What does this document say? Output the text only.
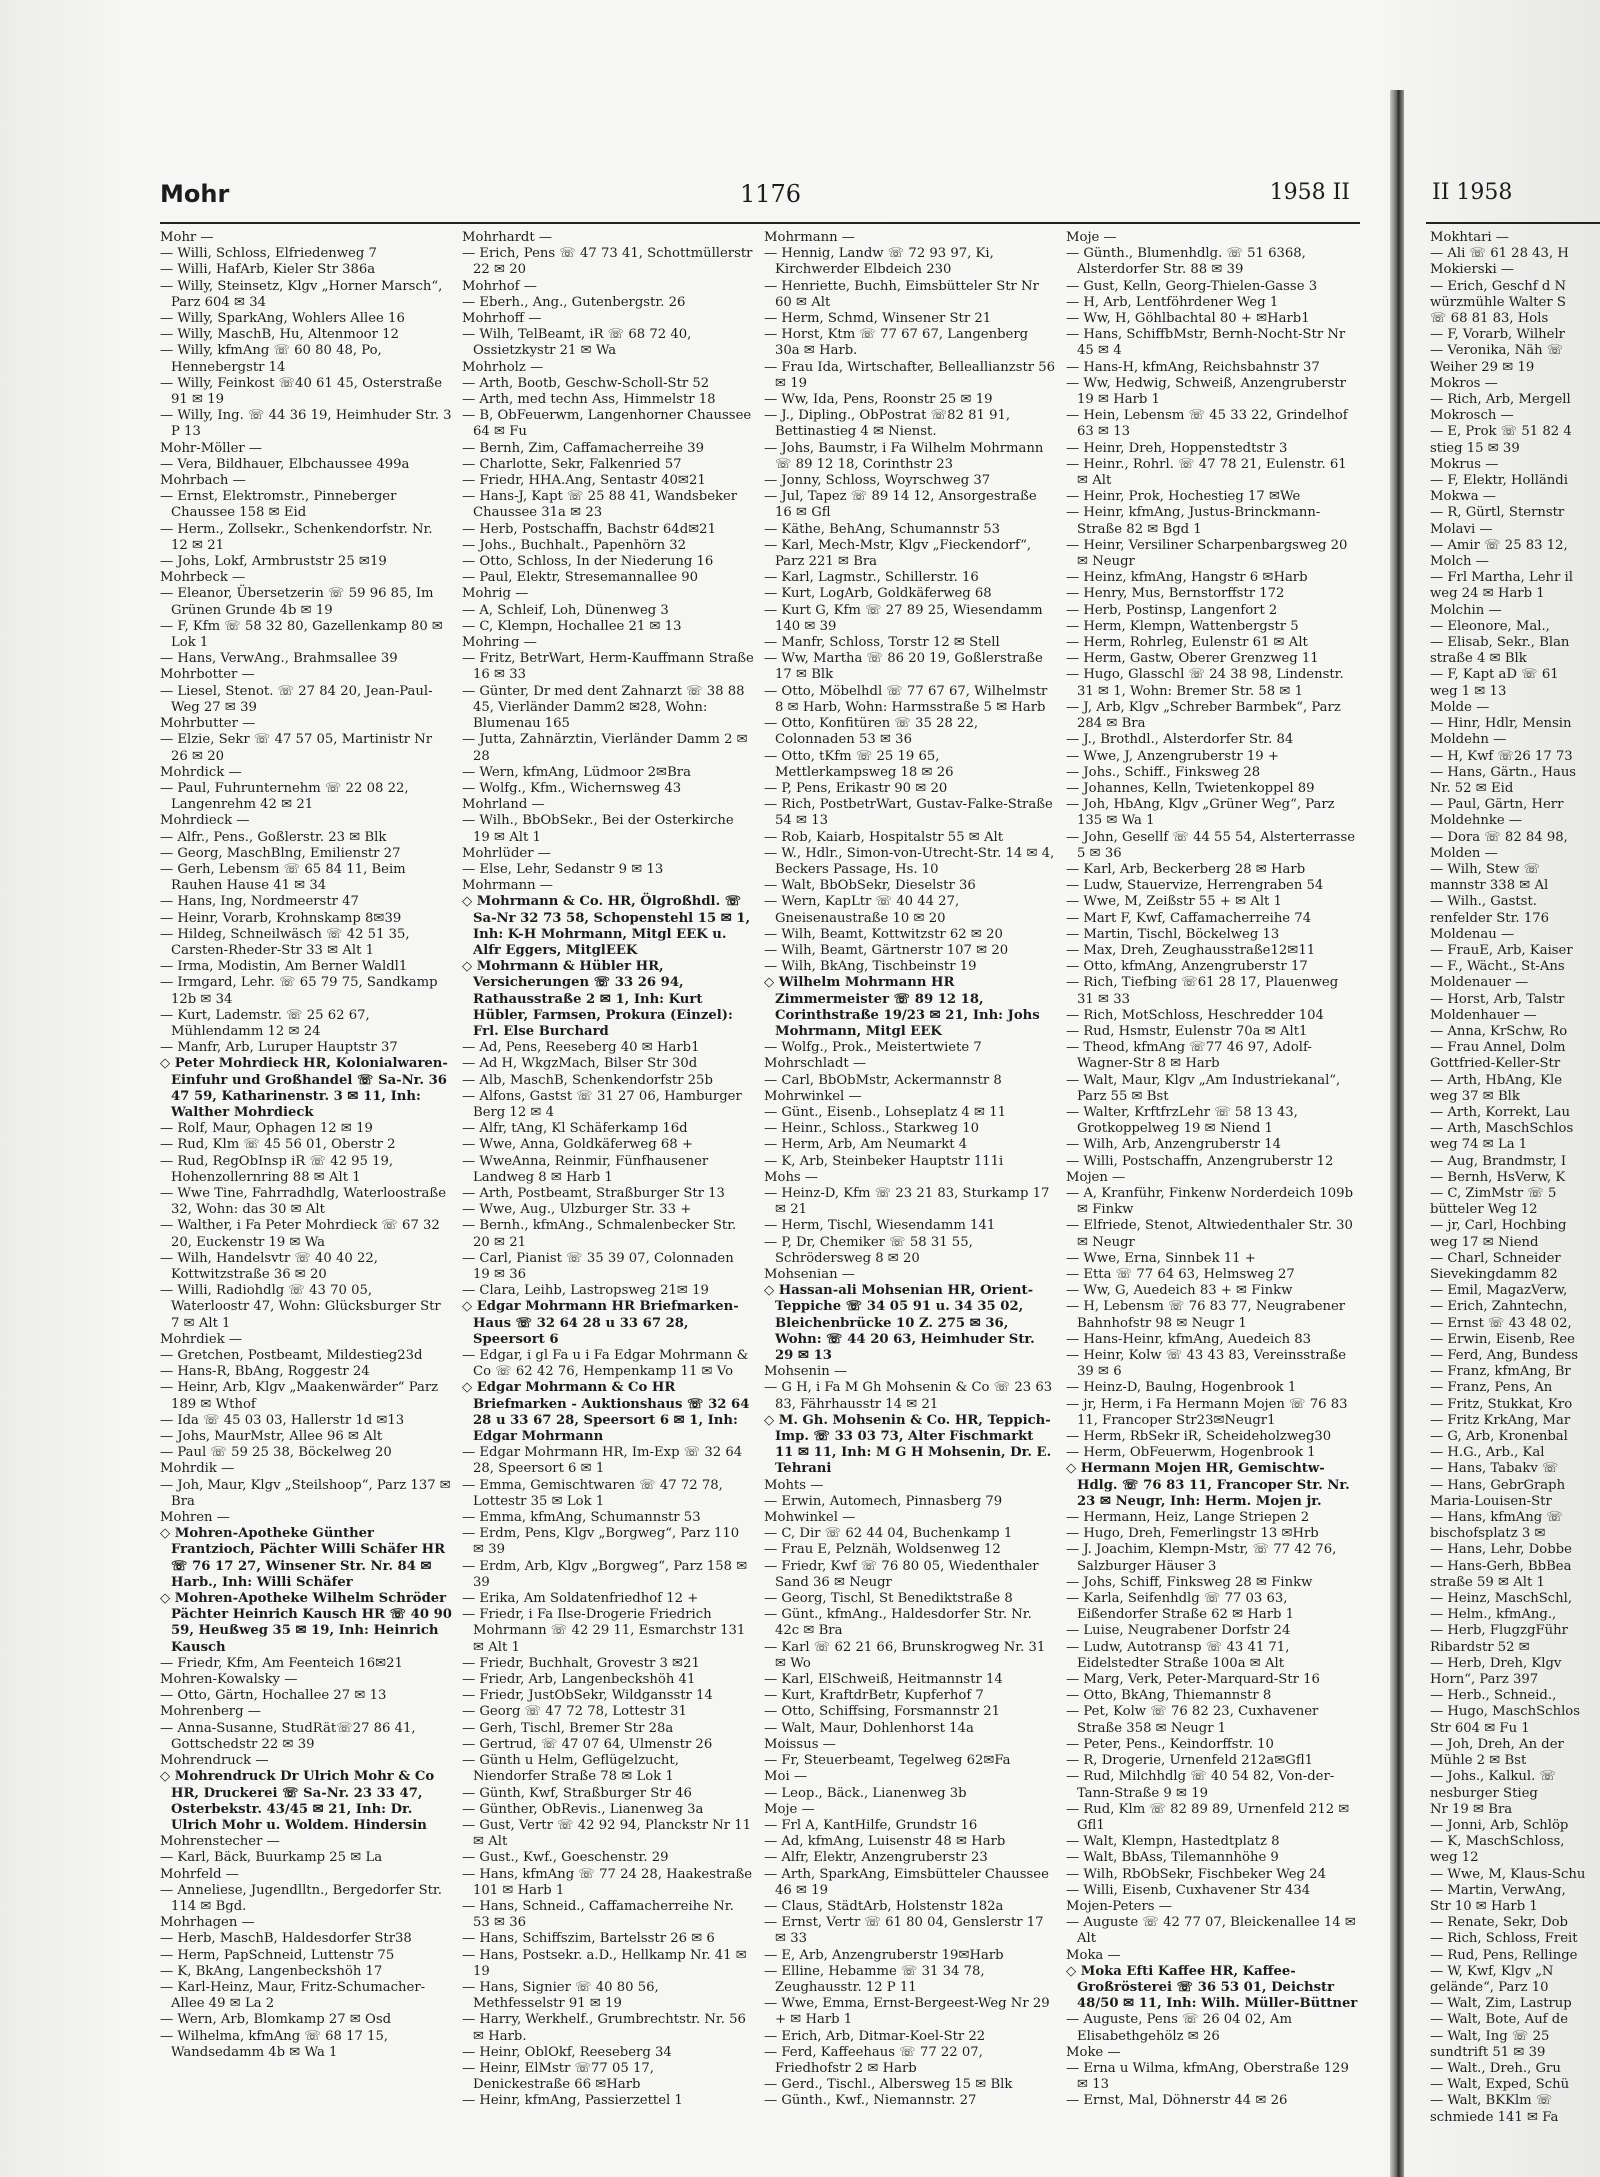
Mohr	1176	1958 II

Mohr —

— Willi, Schloss, Elfriedenweg 7

— Willi, HafArb, Kieler Str 386a

— Willy, Steinsetz, Klgv „Horner Marsch“, Parz 604 ✉ 34

— Willy, SparkAng, Wohlers Allee 16

— Willy, MaschB, Hu, Altenmoor 12

— Willy, kfmAng ☏ 60 80 48, Po, Hennebergstr 14

— Willy, Feinkost ☏40 61 45, Osterstraße 91 ✉ 19

— Willy, Ing. ☏ 44 36 19, Heimhuder Str. 3 P 13

Mohr-Möller —

— Vera, Bildhauer, Elbchaussee 499a

Mohrbach —

— Ernst, Elektromstr., Pinneberger Chaussee 158 ✉ Eid

— Herm., Zollsekr., Schenkendorfstr. Nr. 12 ✉ 21

— Johs, Lokf, Armbruststr 25 ✉19

Mohrbeck —

— Eleanor, Übersetzerin ☏ 59 96 85, Im Grünen Grunde 4b ✉ 19

— F, Kfm ☏ 58 32 80, Gazellenkamp 80 ✉ Lok 1

— Hans, VerwAng., Brahmsallee 39

Mohrbotter —

— Liesel, Stenot. ☏ 27 84 20, Jean-Paul-Weg 27 ✉ 39

Mohrbutter —

— Elzie, Sekr ☏ 47 57 05, Martinistr Nr 26 ✉ 20

Mohrdick —

— Paul, Fuhrunternehm ☏ 22 08 22, Langenrehm 42 ✉ 21

Mohrdieck —

— Alfr., Pens., Goßlerstr. 23 ✉ Blk

— Georg, MaschBlng, Emilienstr 27

— Gerh, Lebensm ☏ 65 84 11, Beim Rauhen Hause 41 ✉ 34

— Hans, Ing, Nordmeerstr 47

— Heinr, Vorarb, Krohnskamp 8✉39

— Hildeg, Schneilwäsch ☏ 42 51 35, Carsten-Rheder-Str 33 ✉ Alt 1

— Irma, Modistin, Am Berner Waldl1

— Irmgard, Lehr. ☏ 65 79 75, Sandkamp 12b ✉ 34

— Kurt, Lademstr. ☏ 25 62 67, Mühlendamm 12 ✉ 24

— Manfr, Arb, Luruper Hauptstr 37

◇ Peter Mohrdieck HR, Kolonialwaren-Einfuhr und Großhandel ☏ Sa-Nr. 36 47 59, Katharinenstr. 3 ✉ 11, Inh: Walther Mohrdieck

— Rolf, Maur, Ophagen 12 ✉ 19

— Rud, Klm ☏ 45 56 01, Oberstr 2

— Rud, RegObInsp iR ☏ 42 95 19, Hohenzollernring 88 ✉ Alt 1

— Wwe Tine, Fahrradhdlg, Waterloostraße 32, Wohn: das 30 ✉ Alt

— Walther, i Fa Peter Mohrdieck ☏ 67 32 20, Euckenstr 19 ✉ Wa

— Wilh, Handelsvtr ☏ 40 40 22, Kottwitzstraße 36 ✉ 20

— Willi, Radiohdlg ☏ 43 70 05, Waterloostr 47, Wohn: Glücksburger Str 7 ✉ Alt 1

Mohrdiek —

— Gretchen, Postbeamt, Mildestieg23d

— Hans-R, BbAng, Roggestr 24

— Heinr, Arb, Klgv „Maakenwärder“ Parz 189 ✉ Wthof

— Ida ☏ 45 03 03, Hallerstr 1d ✉13

— Johs, MaurMstr, Allee 96 ✉ Alt

— Paul ☏ 59 25 38, Böckelweg 20

Mohrdik —

— Joh, Maur, Klgv „Steilshoop“, Parz 137 ✉ Bra

Mohren —

◇ Mohren-Apotheke Günther Frantzioch, Pächter Willi Schäfer HR ☏ 76 17 27, Winsener Str. Nr. 84 ✉ Harb., Inh: Willi Schäfer

◇ Mohren-Apotheke Wilhelm Schröder Pächter Heinrich Kausch HR ☏ 40 90 59, Heußweg 35 ✉ 19, Inh: Heinrich Kausch

— Friedr, Kfm, Am Feenteich 16✉21

Mohren-Kowalsky —

— Otto, Gärtn, Hochallee 27 ✉ 13

Mohrenberg —

— Anna-Susanne, StudRät☏27 86 41, Gottschedstr 22 ✉ 39

Mohrendruck —

◇ Mohrendruck Dr Ulrich Mohr & Co HR, Druckerei ☏ Sa-Nr. 23 33 47, Osterbekstr. 43/45 ✉ 21, Inh: Dr. Ulrich Mohr u. Woldem. Hindersin

Mohrenstecher —

— Karl, Bäck, Buurkamp 25 ✉ La

Mohrfeld —

— Anneliese, Jugendlltn., Bergedorfer Str. 114 ✉ Bgd.

Mohrhagen —

— Herb, MaschB, Haldesdorfer Str38

— Herm, PapSchneid, Luttenstr 75

— K, BkAng, Langenbeckshöh 17

— Karl-Heinz, Maur, Fritz-Schumacher-Allee 49 ✉ La 2

— Wern, Arb, Blomkamp 27 ✉ Osd

— Wilhelma, kfmAng ☏ 68 17 15, Wandsedamm 4b ✉ Wa 1

Mohrhardt —

— Erich, Pens ☏ 47 73 41, Schottmüllerstr 22 ✉ 20

Mohrhof —

— Eberh., Ang., Gutenbergstr. 26

Mohrhoff —

— Wilh, TelBeamt, iR ☏ 68 72 40, Ossietzkystr 21 ✉ Wa

Mohrholz —

— Arth, Bootb, Geschw-Scholl-Str 52

— Arth, med techn Ass, Himmelstr 18

— B, ObFeuerwm, Langenhorner Chaussee 64 ✉ Fu

— Bernh, Zim, Caffamacherreihe 39

— Charlotte, Sekr, Falkenried 57

— Friedr, HHA.Ang, Sentastr 40✉21

— Hans-J, Kapt ☏ 25 88 41, Wandsbeker Chaussee 31a ✉ 23

— Herb, Postschaffn, Bachstr 64d✉21

— Johs., Buchhalt., Papenhörn 32

— Otto, Schloss, In der Niederung 16

— Paul, Elektr, Stresemannallee 90

Mohrig —

— A, Schleif, Loh, Dünenweg 3

— C, Klempn, Hochallee 21 ✉ 13

Mohring —

— Fritz, BetrWart, Herm-Kauffmann Straße 16 ✉ 33

— Günter, Dr med dent Zahnarzt ☏ 38 88 45, Vierländer Damm2 ✉28, Wohn: Blumenau 165

— Jutta, Zahnärztin, Vierländer Damm 2 ✉ 28

— Wern, kfmAng, Lüdmoor 2✉Bra

— Wolfg., Kfm., Wichernsweg 43

Mohrland —

— Wilh., BbObSekr., Bei der Osterkirche 19 ✉ Alt 1

Mohrlüder —

— Else, Lehr, Sedanstr 9 ✉ 13

Mohrmann —

◇ Mohrmann & Co. HR, Ölgroßhdl. ☏ Sa-Nr 32 73 58, Schopenstehl 15 ✉ 1, Inh: K-H Mohrmann, Mitgl EEK u. Alfr Eggers, MitglEEK

◇ Mohrmann & Hübler HR, Versicherungen ☏ 33 26 94, Rathausstraße 2 ✉ 1, Inh: Kurt Hübler, Farmsen, Prokura (Einzel): Frl. Else Burchard

— Ad, Pens, Reeseberg 40 ✉ Harb1

— Ad H, WkgzMach, Bilser Str 30d

— Alb, MaschB, Schenkendorfstr 25b

— Alfons, Gastst ☏ 31 27 06, Hamburger Berg 12 ✉ 4

— Alfr, tAng, Kl Schäferkamp 16d

— Wwe, Anna, Goldkäferweg 68 +

— WweAnna, Reinmir, Fünfhausener Landweg 8 ✉ Harb 1

— Arth, Postbeamt, Straßburger Str 13

— Wwe, Aug., Ulzburger Str. 33 +

— Bernh., kfmAng., Schmalenbecker Str. 20 ✉ 21

— Carl, Pianist ☏ 35 39 07, Colonnaden 19 ✉ 36

— Clara, Leihb, Lastropsweg 21✉ 19

◇ Edgar Mohrmann HR Briefmarken-Haus ☏ 32 64 28 u 33 67 28, Speersort 6

— Edgar, i gl Fa u i Fa Edgar Mohrmann & Co ☏ 62 42 76, Hempenkamp 11 ✉ Vo

◇ Edgar Mohrmann & Co HR Briefmarken - Auktionshaus ☏ 32 64 28 u 33 67 28, Speersort 6 ✉ 1, Inh: Edgar Mohrmann

— Edgar Mohrmann HR, Im-Exp ☏ 32 64 28, Speersort 6 ✉ 1

— Emma, Gemischtwaren ☏ 47 72 78, Lottestr 35 ✉ Lok 1

— Emma, kfmAng, Schumannstr 53

— Erdm, Pens, Klgv „Borgweg“, Parz 110 ✉ 39

— Erdm, Arb, Klgv „Borgweg“, Parz 158 ✉ 39

— Erika, Am Soldatenfriedhof 12 +

— Friedr, i Fa Ilse-Drogerie Friedrich Mohrmann ☏ 42 29 11, Esmarchstr 131 ✉ Alt 1

— Friedr, Buchhalt, Grovestr 3 ✉21

— Friedr, Arb, Langenbeckshöh 41

— Friedr, JustObSekr, Wildgansstr 14

— Georg ☏ 47 72 78, Lottestr 31

— Gerh, Tischl, Bremer Str 28a

— Gertrud, ☏ 47 07 64, Ulmenstr 26

— Günth u Helm, Geflügelzucht, Niendorfer Straße 78 ✉ Lok 1

— Günth, Kwf, Straßburger Str 46

— Günther, ObRevis., Lianenweg 3a

— Gust, Vertr ☏ 42 92 94, Planckstr Nr 11 ✉ Alt

— Gust., Kwf., Goeschenstr. 29

— Hans, kfmAng ☏ 77 24 28, Haakestraße 101 ✉ Harb 1

— Hans, Schneid., Caffamacherreihe Nr. 53 ✉ 36

— Hans, Schiffszim, Bartelsstr 26 ✉ 6

— Hans, Postsekr. a.D., Hellkamp Nr. 41 ✉ 19

— Hans, Signier ☏ 40 80 56, Methfesselstr 91 ✉ 19

— Harry, Werkhelf., Grumbrechtstr. Nr. 56 ✉ Harb.

— Heinr, OblOkf, Reeseberg 34

— Heinr, ElMstr ☏77 05 17, Denickestraße 66 ✉Harb

— Heinr, kfmAng, Passierzettel 1

Mohrmann —

— Hennig, Landw ☏ 72 93 97, Ki, Kirchwerder Elbdeich 230

— Henriette, Buchh, Eimsbütteler Str Nr 60 ✉ Alt

— Herm, Schmd, Winsener Str 21

— Horst, Ktm ☏ 77 67 67, Langenberg 30a ✉ Harb.

— Frau Ida, Wirtschafter, Belleallianzstr 56 ✉ 19

— Ww, Ida, Pens, Roonstr 25 ✉ 19

— J., Dipling., ObPostrat ☏82 81 91, Bettinastieg 4 ✉ Nienst.

— Johs, Baumstr, i Fa Wilhelm Mohrmann ☏ 89 12 18, Corinthstr 23

— Jonny, Schloss, Woyrschweg 37

— Jul, Tapez ☏ 89 14 12, Ansorgestraße 16 ✉ Gfl

— Käthe, BehAng, Schumannstr 53

— Karl, Mech-Mstr, Klgv „Fieckendorf“, Parz 221 ✉ Bra

— Karl, Lagmstr., Schillerstr. 16

— Kurt, LogArb, Goldkäferweg 68

— Kurt G, Kfm ☏ 27 89 25, Wiesendamm 140 ✉ 39

— Manfr, Schloss, Torstr 12 ✉ Stell

— Ww, Martha ☏ 86 20 19, Goßlerstraße 17 ✉ Blk

— Otto, Möbelhdl ☏ 77 67 67, Wilhelmstr 8 ✉ Harb, Wohn: Harmsstraße 5 ✉ Harb

— Otto, Konfitüren ☏ 35 28 22, Colonnaden 53 ✉ 36

— Otto, tKfm ☏ 25 19 65, Mettlerkampsweg 18 ✉ 26

— P, Pens, Erikastr 90 ✉ 20

— Rich, PostbetrWart, Gustav-Falke-Straße 54 ✉ 13

— Rob, Kaiarb, Hospitalstr 55 ✉ Alt

— W., Hdlr., Simon-von-Utrecht-Str. 14 ✉ 4, Beckers Passage, Hs. 10

— Walt, BbObSekr, Dieselstr 36

— Wern, KapLtr ☏ 40 44 27, Gneisenaustraße 10 ✉ 20

— Wilh, Beamt, Kottwitzstr 62 ✉ 20

— Wilh, Beamt, Gärtnerstr 107 ✉ 20

— Wilh, BkAng, Tischbeinstr 19

◇ Wilhelm Mohrmann HR Zimmermeister ☏ 89 12 18, Corinthstraße 19/23 ✉ 21, Inh: Johs Mohrmann, Mitgl EEK

— Wolfg., Prok., Meistertwiete 7

Mohrschladt —

— Carl, BbObMstr, Ackermannstr 8

Mohrwinkel —

— Günt., Eisenb., Lohseplatz 4 ✉ 11

— Heinr., Schloss., Starkweg 10

— Herm, Arb, Am Neumarkt 4

— K, Arb, Steinbeker Hauptstr 111i

Mohs —

— Heinz-D, Kfm ☏ 23 21 83, Sturkamp 17 ✉ 21

— Herm, Tischl, Wiesendamm 141

— P, Dr, Chemiker ☏ 58 31 55, Schrödersweg 8 ✉ 20

Mohsenian —

◇ Hassan-ali Mohsenian HR, Orient-Teppiche ☏ 34 05 91 u. 34 35 02, Bleichenbrücke 10 Z. 275 ✉ 36, Wohn: ☏ 44 20 63, Heimhuder Str. 29 ✉ 13

Mohsenin —

— G H, i Fa M Gh Mohsenin & Co ☏ 23 63 83, Fährhausstr 14 ✉ 21

◇ M. Gh. Mohsenin & Co. HR, Teppich-Imp. ☏ 33 03 73, Alter Fischmarkt 11 ✉ 11, Inh: M G H Mohsenin, Dr. E. Tehrani

Mohts —

— Erwin, Automech, Pinnasberg 79

Mohwinkel —

— C, Dir ☏ 62 44 04, Buchenkamp 1

— Frau E, Pelznäh, Woldsenweg 12

— Friedr, Kwf ☏ 76 80 05, Wiedenthaler Sand 36 ✉ Neugr

— Georg, Tischl, St Benediktstraße 8

— Günt., kfmAng., Haldesdorfer Str. Nr. 42c ✉ Bra

— Karl ☏ 62 21 66, Brunskrogweg Nr. 31 ✉ Wo

— Karl, ElSchweiß, Heitmannstr 14

— Kurt, KraftdrBetr, Kupferhof 7

— Otto, Schiffsing, Forsmannstr 21

— Walt, Maur, Dohlenhorst 14a

Moissus —

— Fr, Steuerbeamt, Tegelweg 62✉Fa

Moi —

— Leop., Bäck., Lianenweg 3b

Moje —

— Frl A, KantHilfe, Grundstr 16

— Ad, kfmAng, Luisenstr 48 ✉ Harb

— Alfr, Elektr, Anzengruberstr 23

— Arth, SparkAng, Eimsbütteler Chaussee 46 ✉ 19

— Claus, StädtArb, Holstenstr 182a

— Ernst, Vertr ☏ 61 80 04, Genslerstr 17 ✉ 33

— E, Arb, Anzengruberstr 19✉Harb

— Elline, Hebamme ☏ 31 34 78, Zeughausstr. 12 P 11

— Wwe, Emma, Ernst-Bergeest-Weg Nr 29 + ✉ Harb 1

— Erich, Arb, Ditmar-Koel-Str 22

— Ferd, Kaffeehaus ☏ 77 22 07, Friedhofstr 2 ✉ Harb

— Gerd., Tischl., Albersweg 15 ✉ Blk

— Günth., Kwf., Niemannstr. 27

Moje —

— Günth., Blumenhdlg. ☏ 51 6368, Alsterdorfer Str. 88 ✉ 39

— Gust, Kelln, Georg-Thielen-Gasse 3

— H, Arb, Lentföhrdener Weg 1

— Ww, H, Göhlbachtal 80 + ✉Harb1

— Hans, SchiffbMstr, Bernh-Nocht-Str Nr 45 ✉ 4

— Hans-H, kfmAng, Reichsbahnstr 37

— Ww, Hedwig, Schweiß, Anzengruberstr 19 ✉ Harb 1

— Hein, Lebensm ☏ 45 33 22, Grindelhof 63 ✉ 13

— Heinr, Dreh, Hoppenstedtstr 3

— Heinr., Rohrl. ☏ 47 78 21, Eulenstr. 61 ✉ Alt

— Heinr, Prok, Hochestieg 17 ✉We

— Heinr, kfmAng, Justus-Brinckmann-Straße 82 ✉ Bgd 1

— Heinr, Versiliner Scharpenbargsweg 20 ✉ Neugr

— Heinz, kfmAng, Hangstr 6 ✉Harb

— Henry, Mus, Bernstorffstr 172

— Herb, Postinsp, Langenfort 2

— Herm, Klempn, Wattenbergstr 5

— Herm, Rohrleg, Eulenstr 61 ✉ Alt

— Herm, Gastw, Oberer Grenzweg 11

— Hugo, Glasschl ☏ 24 38 98, Lindenstr. 31 ✉ 1, Wohn: Bremer Str. 58 ✉ 1

— J, Arb, Klgv „Schreber Barmbek“, Parz 284 ✉ Bra

— J., Brothdl., Alsterdorfer Str. 84

— Wwe, J, Anzengruberstr 19 +

— Johs., Schiff., Finksweg 28

— Johannes, Kelln, Twietenkoppel 89

— Joh, HbAng, Klgv „Grüner Weg“, Parz 135 ✉ Wa 1

— John, Gesellf ☏ 44 55 54, Alsterterrasse 5 ✉ 36

— Karl, Arb, Beckerberg 28 ✉ Harb

— Ludw, Stauervize, Herrengraben 54

— Wwe, M, Zeißstr 55 + ✉ Alt 1

— Mart F, Kwf, Caffamacherreihe 74

— Martin, Tischl, Böckelweg 13

— Max, Dreh, Zeughausstraße12✉11

— Otto, kfmAng, Anzengruberstr 17

— Rich, Tiefbing ☏61 28 17, Plauenweg 31 ✉ 33

— Rich, MotSchloss, Heschredder 104

— Rud, Hsmstr, Eulenstr 70a ✉ Alt1

— Theod, kfmAng ☏77 46 97, Adolf-Wagner-Str 8 ✉ Harb

— Walt, Maur, Klgv „Am Industriekanal“, Parz 55 ✉ Bst

— Walter, KrftfrzLehr ☏ 58 13 43, Grotkoppelweg 19 ✉ Niend 1

— Wilh, Arb, Anzengruberstr 14

— Willi, Postschaffn, Anzengruberstr 12

Mojen —

— A, Kranführ, Finkenw Norderdeich 109b ✉ Finkw

— Elfriede, Stenot, Altwiedenthaler Str. 30 ✉ Neugr

— Wwe, Erna, Sinnbek 11 +

— Etta ☏ 77 64 63, Helmsweg 27

— Ww, G, Auedeich 83 + ✉ Finkw

— H, Lebensm ☏ 76 83 77, Neugrabener Bahnhofstr 98 ✉ Neugr 1

— Hans-Heinr, kfmAng, Auedeich 83

— Heinr, Kolw ☏ 43 43 83, Vereinsstraße 39 ✉ 6

— Heinz-D, Baulng, Hogenbrook 1

— jr, Herm, i Fa Hermann Mojen ☏ 76 83 11, Francoper Str23✉Neugr1

— Herm, RbSekr iR, Scheideholzweg30

— Herm, ObFeuerwm, Hogenbrook 1

◇ Hermann Mojen HR, Gemischtw-Hdlg. ☏ 76 83 11, Francoper Str. Nr. 23 ✉ Neugr, Inh: Herm. Mojen jr.

— Hermann, Heiz, Lange Striepen 2

— Hugo, Dreh, Femerlingstr 13 ✉Hrb

— J. Joachim, Klempn-Mstr, ☏ 77 42 76, Salzburger Häuser 3

— Johs, Schiff, Finksweg 28 ✉ Finkw

— Karla, Seifenhdlg ☏ 77 03 63, Eißendorfer Straße 62 ✉ Harb 1

— Luise, Neugrabener Dorfstr 24

— Ludw, Autotransp ☏ 43 41 71, Eidelstedter Straße 100a ✉ Alt

— Marg, Verk, Peter-Marquard-Str 16

— Otto, BkAng, Thiemannstr 8

— Pet, Kolw ☏ 76 82 23, Cuxhavener Straße 358 ✉ Neugr 1

— Peter, Pens., Keindorffstr. 10

— R, Drogerie, Urnenfeld 212a✉Gfl1

— Rud, Milchhdlg ☏ 40 54 82, Von-der-Tann-Straße 9 ✉ 19

— Rud, Klm ☏ 82 89 89, Urnenfeld 212 ✉ Gfl1

— Walt, Klempn, Hastedtplatz 8

— Walt, BbAss, Tilemannhöhe 9

— Wilh, RbObSekr, Fischbeker Weg 24

— Willi, Eisenb, Cuxhavener Str 434

Mojen-Peters —

— Auguste ☏ 42 77 07, Bleickenallee 14 ✉ Alt

Moka —

◇ Moka Efti Kaffee HR, Kaffee-Großrösterei ☏ 36 53 01, Deichstr 48/50 ✉ 11, Inh: Wilh. Müller-Büttner

— Auguste, Pens ☏ 26 04 02, Am Elisabethgehölz ✉ 26

Moke —

— Erna u Wilma, kfmAng, Oberstraße 129 ✉ 13

— Ernst, Mal, Döhnerstr 44 ✉ 26

II 1958
Mokhtari —
— Ali ☏ 61 28 43, H
Mokierski —
— Erich, Geschf d N
würzmühle Walter S
☏ 68 81 83, Hols
— F, Vorarb, Wilhelr
— Veronika, Näh ☏
Weiher 29 ✉ 19
Mokros —
— Rich, Arb, Mergell
Mokrosch —
— E, Prok ☏ 51 82 4
stieg 15 ✉ 39
Mokrus —
— F, Elektr, Holländi
Mokwa —
— R, Gürtl, Sternstr
Molavi —
— Amir ☏ 25 83 12,
Molch —
— Frl Martha, Lehr il
weg 24 ✉ Harb 1
Molchin —
— Eleonore, Mal.,
— Elisab, Sekr., Blan
straße 4 ✉ Blk
— F, Kapt aD ☏ 61
weg 1 ✉ 13
Molde —
— Hinr, Hdlr, Mensin
Moldehn —
— H, Kwf ☏26 17 73
— Hans, Gärtn., Haus
Nr. 52 ✉ Eid
— Paul, Gärtn, Herr
Moldehnke —
— Dora ☏ 82 84 98,
Molden —
— Wilh, Stew ☏
mannstr 338 ✉ Al
— Wilh., Gastst.
renfelder Str. 176
Moldenau —
— FrauE, Arb, Kaiser
— F., Wächt., St-Ans
Moldenauer —
— Horst, Arb, Talstr
Moldenhauer —
— Anna, KrSchw, Ro
— Frau Annel, Dolm
Gottfried-Keller-Str
— Arth, HbAng, Kle
weg 37 ✉ Blk
— Arth, Korrekt, Lau
— Arth, MaschSchlos
weg 74 ✉ La 1
— Aug, Brandmstr, I
— Bernh, HsVerw, K
— C, ZimMstr ☏ 5
bütteler Weg 12
— jr, Carl, Hochbing
weg 17 ✉ Niend
— Charl, Schneider
Sievekingdamm 82
— Emil, MagazVerw,
— Erich, Zahntechn,
— Ernst ☏ 43 48 02,
— Erwin, Eisenb, Ree
— Ferd, Ang, Bundess
— Franz, kfmAng, Br
— Franz, Pens, An
— Fritz, Stukkat, Kro
— Fritz KrkAng, Mar
— G, Arb, Kronenbal
— H.G., Arb., Kal
— Hans, Tabakv ☏
— Hans, GebrGraph
Maria-Louisen-Str
— Hans, kfmAng ☏
bischofsplatz 3 ✉
— Hans, Lehr, Dobbe
— Hans-Gerh, BbBea
straße 59 ✉ Alt 1
— Heinz, MaschSchl,
— Helm., kfmAng.,
— Herb, FlugzgFühr
Ribardstr 52 ✉
— Herb, Dreh, Klgv
Horn“, Parz 397
— Herb., Schneid.,
— Hugo, MaschSchlos
Str 604 ✉ Fu 1
— Joh, Dreh, An der
Mühle 2 ✉ Bst
— Johs., Kalkul. ☏
nesburger Stieg
Nr 19 ✉ Bra
— Jonni, Arb, Schlöp
— K, MaschSchloss,
weg 12
— Wwe, M, Klaus-Schu
— Martin, VerwAng,
Str 10 ✉ Harb 1
— Renate, Sekr, Dob
— Rich, Schloss, Freit
— Rud, Pens, Rellinge
— W, Kwf, Klgv „N
gelände“, Parz 10
— Walt, Zim, Lastrup
— Walt, Bote, Auf de
— Walt, Ing ☏ 25
sundtrift 51 ✉ 39
— Walt., Dreh., Gru
— Walt, Exped, Schü
— Walt, BKKlm ☏
schmiede 141 ✉ Fa
